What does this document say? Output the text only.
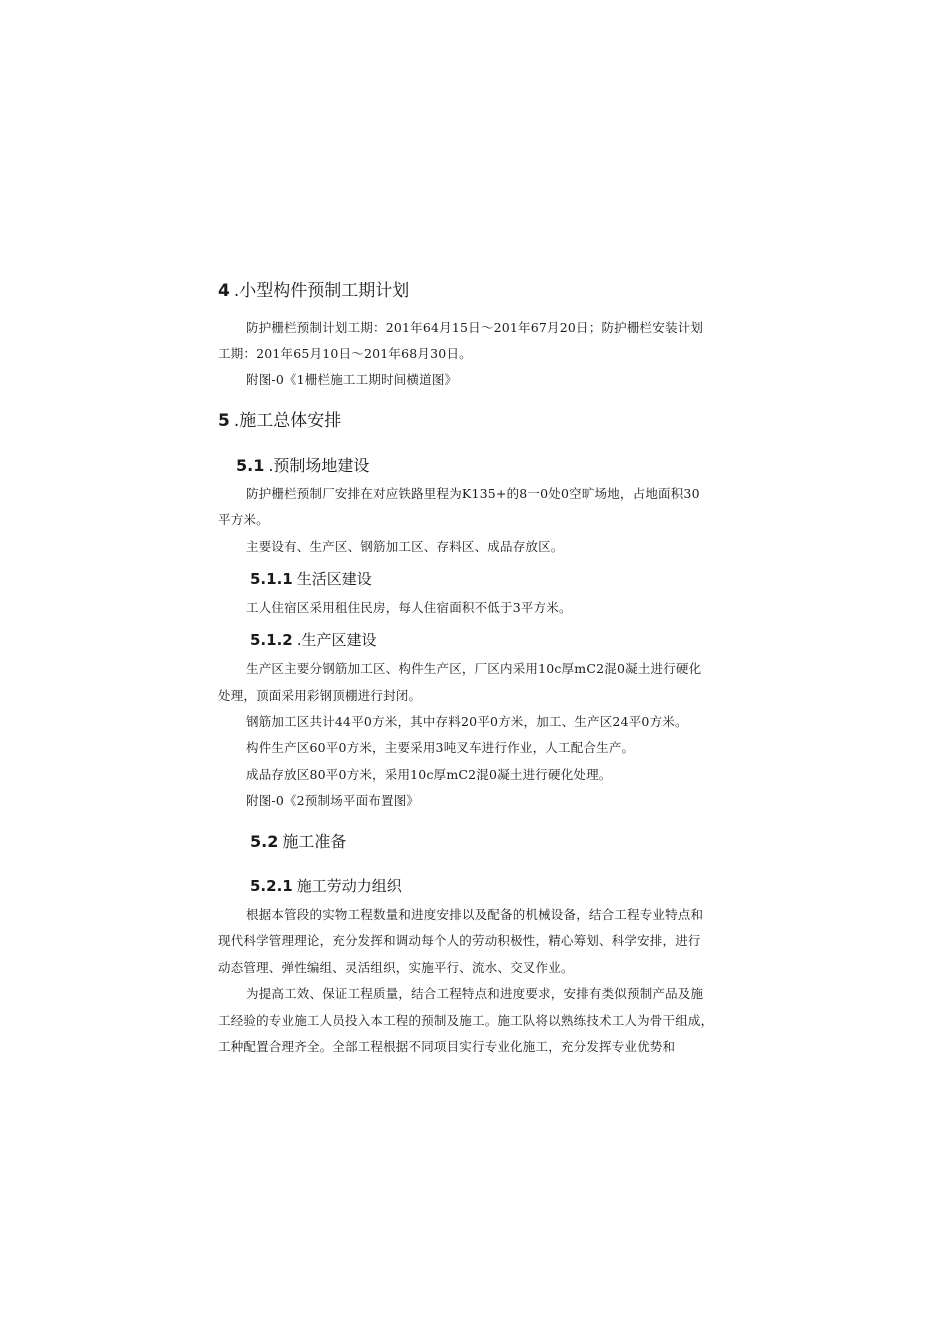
4 .小型构件预制工期计划
防护栅栏预制计划工期：201年64月15日～201年67月20日；防护栅栏安装计划
工期：201年65月10日～201年68月30日。
附图-0《1栅栏施工工期时间横道图》
5 .施工总体安排
5.1 .预制场地建设
防护栅栏预制厂安排在对应铁路里程为K135+的8一0处0空旷场地，占地面积30
平方米。
主要设有、生产区、钢筋加工区、存料区、成品存放区。
5.1.1 生活区建设
工人住宿区采用租住民房，每人住宿面积不低于3平方米。
5.1.2 .生产区建设
生产区主要分钢筋加工区、构件生产区，厂区内采用10c厚mC2混0凝土进行硬化
处理，顶面采用彩钢顶棚进行封闭。
钢筋加工区共计44平0方米，其中存料20平0方米，加工、生产区24平0方米。
构件生产区60平0方米，主要采用3吨叉车进行作业，人工配合生产。
成品存放区80平0方米，采用10c厚mC2混0凝土进行硬化处理。
附图-0《2预制场平面布置图》
5.2 施工准备
5.2.1 施工劳动力组织
根据本管段的实物工程数量和进度安排以及配备的机械设备，结合工程专业特点和
现代科学管理理论，充分发挥和调动每个人的劳动积极性，精心筹划、科学安排，进行
动态管理、弹性编组、灵活组织，实施平行、流水、交叉作业。
为提高工效、保证工程质量，结合工程特点和进度要求，安排有类似预制产品及施
工经验的专业施工人员投入本工程的预制及施工。施工队将以熟练技术工人为骨干组成，
工种配置合理齐全。全部工程根据不同项目实行专业化施工，充分发挥专业优势和
